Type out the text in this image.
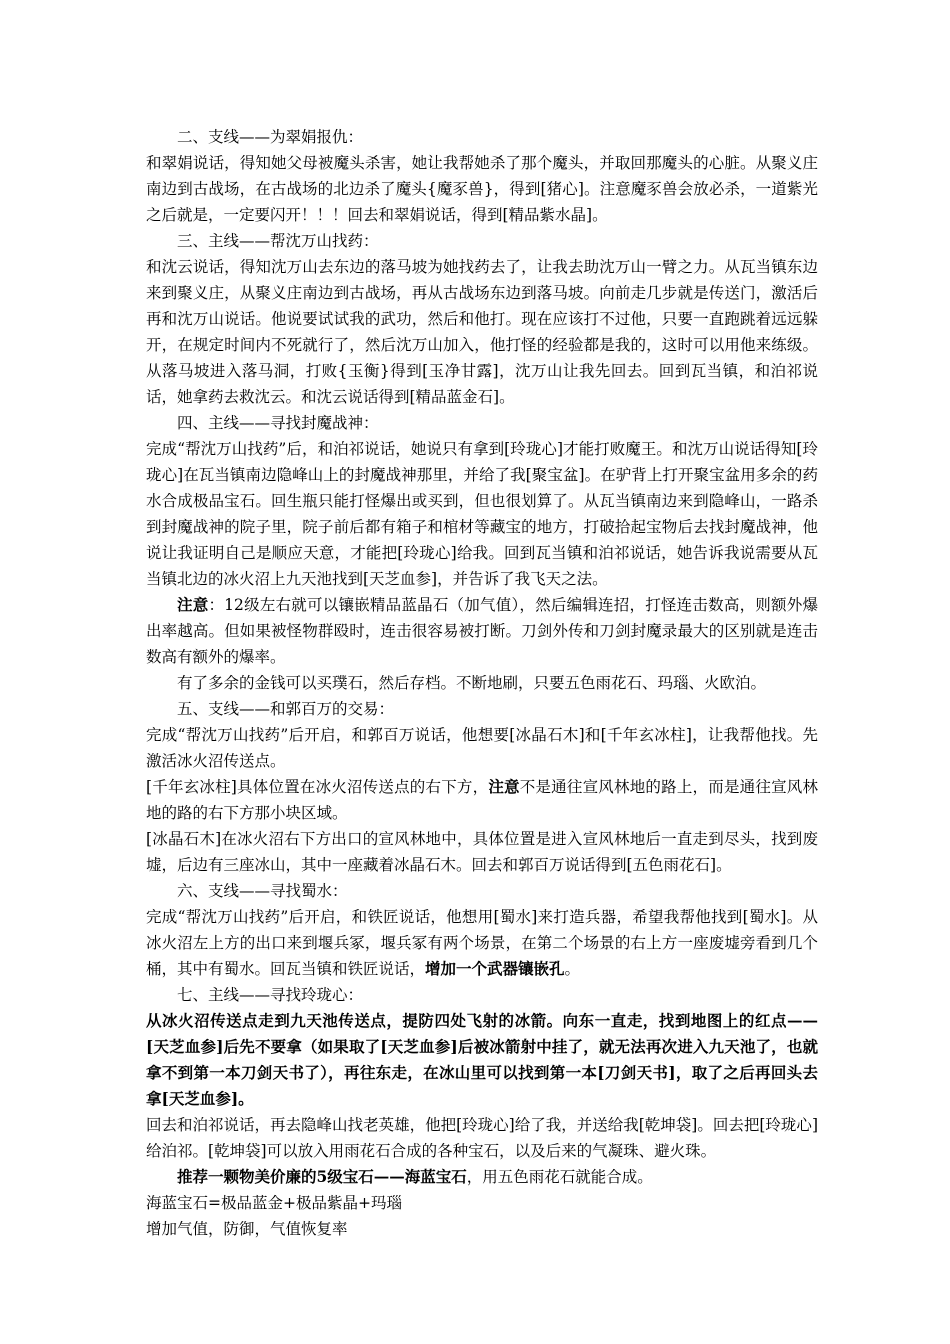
二、支线——为翠娟报仇：

和翠娟说话，得知她父母被魔头杀害，她让我帮她杀了那个魔头，并取回那魔头的心脏。从聚义庄南边到古战场，在古战场的北边杀了魔头{魔豕兽}，得到[猪心]。注意魔豕兽会放必杀，一道紫光之后就是，一定要闪开！！！回去和翠娟说话，得到[精品紫水晶]。

三、主线——帮沈万山找药：

和沈云说话，得知沈万山去东边的落马坡为她找药去了，让我去助沈万山一臂之力。从瓦当镇东边来到聚义庄，从聚义庄南边到古战场，再从古战场东边到落马坡。向前走几步就是传送门，激活后再和沈万山说话。他说要试试我的武功，然后和他打。现在应该打不过他，只要一直跑跳着远远躲开，在规定时间内不死就行了，然后沈万山加入，他打怪的经验都是我的，这时可以用他来练级。从落马坡进入落马洞，打败{玉衡}得到[玉净甘露]，沈万山让我先回去。回到瓦当镇，和泊祁说话，她拿药去救沈云。和沈云说话得到[精品蓝金石]。

四、主线——寻找封魔战神：

完成“帮沈万山找药”后，和泊祁说话，她说只有拿到[玲珑心]才能打败魔王。和沈万山说话得知[玲珑心]在瓦当镇南边隐峰山上的封魔战神那里，并给了我[聚宝盆]。在驴背上打开聚宝盆用多余的药水合成极品宝石。回生瓶只能打怪爆出或买到，但也很划算了。从瓦当镇南边来到隐峰山，一路杀到封魔战神的院子里，院子前后都有箱子和棺材等藏宝的地方，打破拾起宝物后去找封魔战神，他说让我证明自己是顺应天意，才能把[玲珑心]给我。回到瓦当镇和泊祁说话，她告诉我说需要从瓦当镇北边的冰火沼上九天池找到[天芝血参]，并告诉了我飞天之法。

注意：12级左右就可以镶嵌精品蓝晶石（加气值），然后编辑连招，打怪连击数高，则额外爆出率越高。但如果被怪物群殴时，连击很容易被打断。刀剑外传和刀剑封魔录最大的区别就是连击数高有额外的爆率。

有了多余的金钱可以买璞石，然后存档。不断地刷，只要五色雨花石、玛瑙、火欧泊。

五、支线——和郭百万的交易：

完成“帮沈万山找药”后开启，和郭百万说话，他想要[冰晶石木]和[千年玄冰柱]，让我帮他找。先激活冰火沼传送点。

[千年玄冰柱]具体位置在冰火沼传送点的右下方，注意不是通往宣风林地的路上，而是通往宣风林地的路的右下方那小块区域。

[冰晶石木]在冰火沼右下方出口的宣风林地中，具体位置是进入宣风林地后一直走到尽头，找到废墟，后边有三座冰山，其中一座藏着冰晶石木。回去和郭百万说话得到[五色雨花石]。

六、支线——寻找蜀水：

完成“帮沈万山找药”后开启，和铁匠说话，他想用[蜀水]来打造兵器，希望我帮他找到[蜀水]。从冰火沼左上方的出口来到堰兵冢，堰兵冢有两个场景，在第二个场景的右上方一座废墟旁看到几个桶，其中有蜀水。回瓦当镇和铁匠说话，增加一个武器镶嵌孔。

七、主线——寻找玲珑心：

从冰火沼传送点走到九天池传送点，提防四处飞射的冰箭。向东一直走，找到地图上的红点——[天芝血参]后先不要拿（如果取了[天芝血参]后被冰箭射中挂了，就无法再次进入九天池了，也就拿不到第一本刀剑天书了），再往东走，在冰山里可以找到第一本[刀剑天书]，取了之后再回头去拿[天芝血参]。

回去和泊祁说话，再去隐峰山找老英雄，他把[玲珑心]给了我，并送给我[乾坤袋]。回去把[玲珑心]给泊祁。[乾坤袋]可以放入用雨花石合成的各种宝石，以及后来的气凝珠、避火珠。

推荐一颗物美价廉的5级宝石——海蓝宝石，用五色雨花石就能合成。

海蓝宝石=极品蓝金+极品紫晶+玛瑙

增加气值，防御，气值恢复率
